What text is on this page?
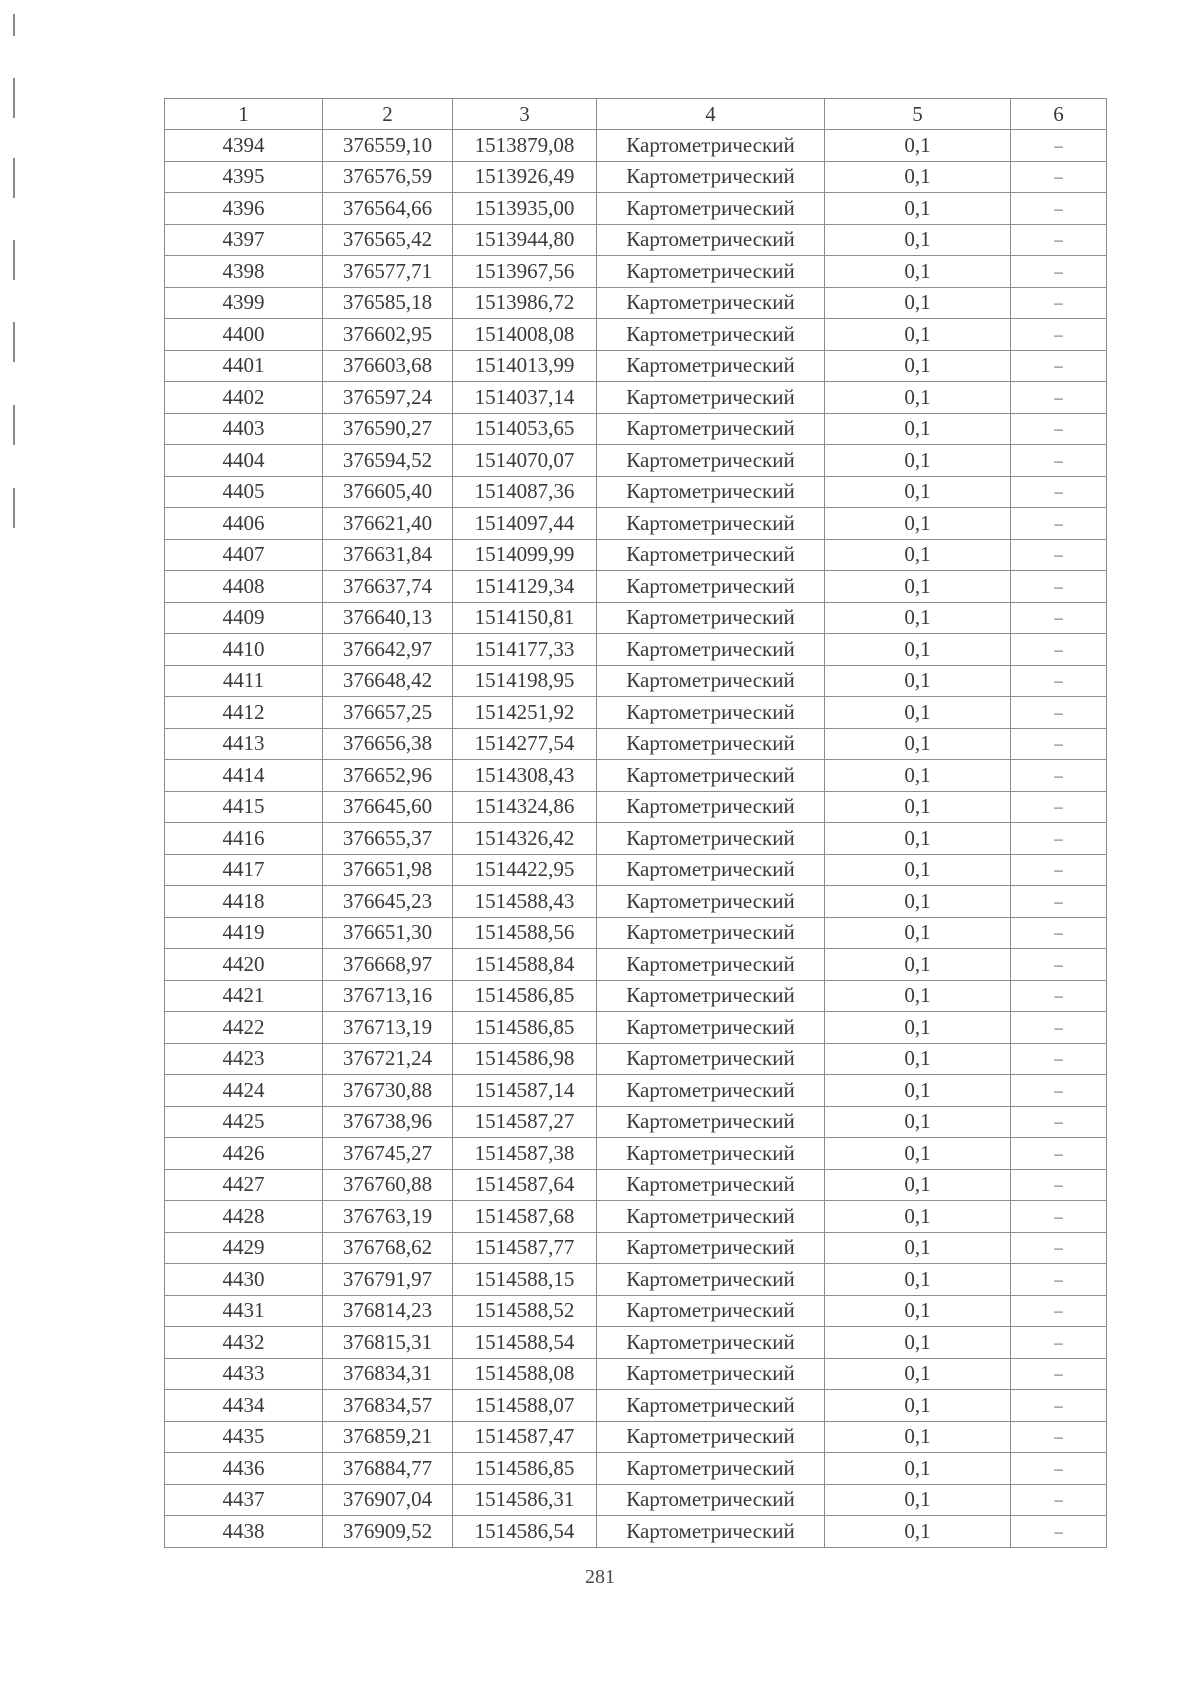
1	2	3	4	5	6
4394	376559,10	1513879,08	Картометрический	0,1	–
4395	376576,59	1513926,49	Картометрический	0,1	–
4396	376564,66	1513935,00	Картометрический	0,1	–
4397	376565,42	1513944,80	Картометрический	0,1	–
4398	376577,71	1513967,56	Картометрический	0,1	–
4399	376585,18	1513986,72	Картометрический	0,1	–
4400	376602,95	1514008,08	Картометрический	0,1	–
4401	376603,68	1514013,99	Картометрический	0,1	–
4402	376597,24	1514037,14	Картометрический	0,1	–
4403	376590,27	1514053,65	Картометрический	0,1	–
4404	376594,52	1514070,07	Картометрический	0,1	–
4405	376605,40	1514087,36	Картометрический	0,1	–
4406	376621,40	1514097,44	Картометрический	0,1	–
4407	376631,84	1514099,99	Картометрический	0,1	–
4408	376637,74	1514129,34	Картометрический	0,1	–
4409	376640,13	1514150,81	Картометрический	0,1	–
4410	376642,97	1514177,33	Картометрический	0,1	–
4411	376648,42	1514198,95	Картометрический	0,1	–
4412	376657,25	1514251,92	Картометрический	0,1	–
4413	376656,38	1514277,54	Картометрический	0,1	–
4414	376652,96	1514308,43	Картометрический	0,1	–
4415	376645,60	1514324,86	Картометрический	0,1	–
4416	376655,37	1514326,42	Картометрический	0,1	–
4417	376651,98	1514422,95	Картометрический	0,1	–
4418	376645,23	1514588,43	Картометрический	0,1	–
4419	376651,30	1514588,56	Картометрический	0,1	–
4420	376668,97	1514588,84	Картометрический	0,1	–
4421	376713,16	1514586,85	Картометрический	0,1	–
4422	376713,19	1514586,85	Картометрический	0,1	–
4423	376721,24	1514586,98	Картометрический	0,1	–
4424	376730,88	1514587,14	Картометрический	0,1	–
4425	376738,96	1514587,27	Картометрический	0,1	–
4426	376745,27	1514587,38	Картометрический	0,1	–
4427	376760,88	1514587,64	Картометрический	0,1	–
4428	376763,19	1514587,68	Картометрический	0,1	–
4429	376768,62	1514587,77	Картометрический	0,1	–
4430	376791,97	1514588,15	Картометрический	0,1	–
4431	376814,23	1514588,52	Картометрический	0,1	–
4432	376815,31	1514588,54	Картометрический	0,1	–
4433	376834,31	1514588,08	Картометрический	0,1	–
4434	376834,57	1514588,07	Картометрический	0,1	–
4435	376859,21	1514587,47	Картометрический	0,1	–
4436	376884,77	1514586,85	Картометрический	0,1	–
4437	376907,04	1514586,31	Картометрический	0,1	–
4438	376909,52	1514586,54	Картометрический	0,1	–
281
